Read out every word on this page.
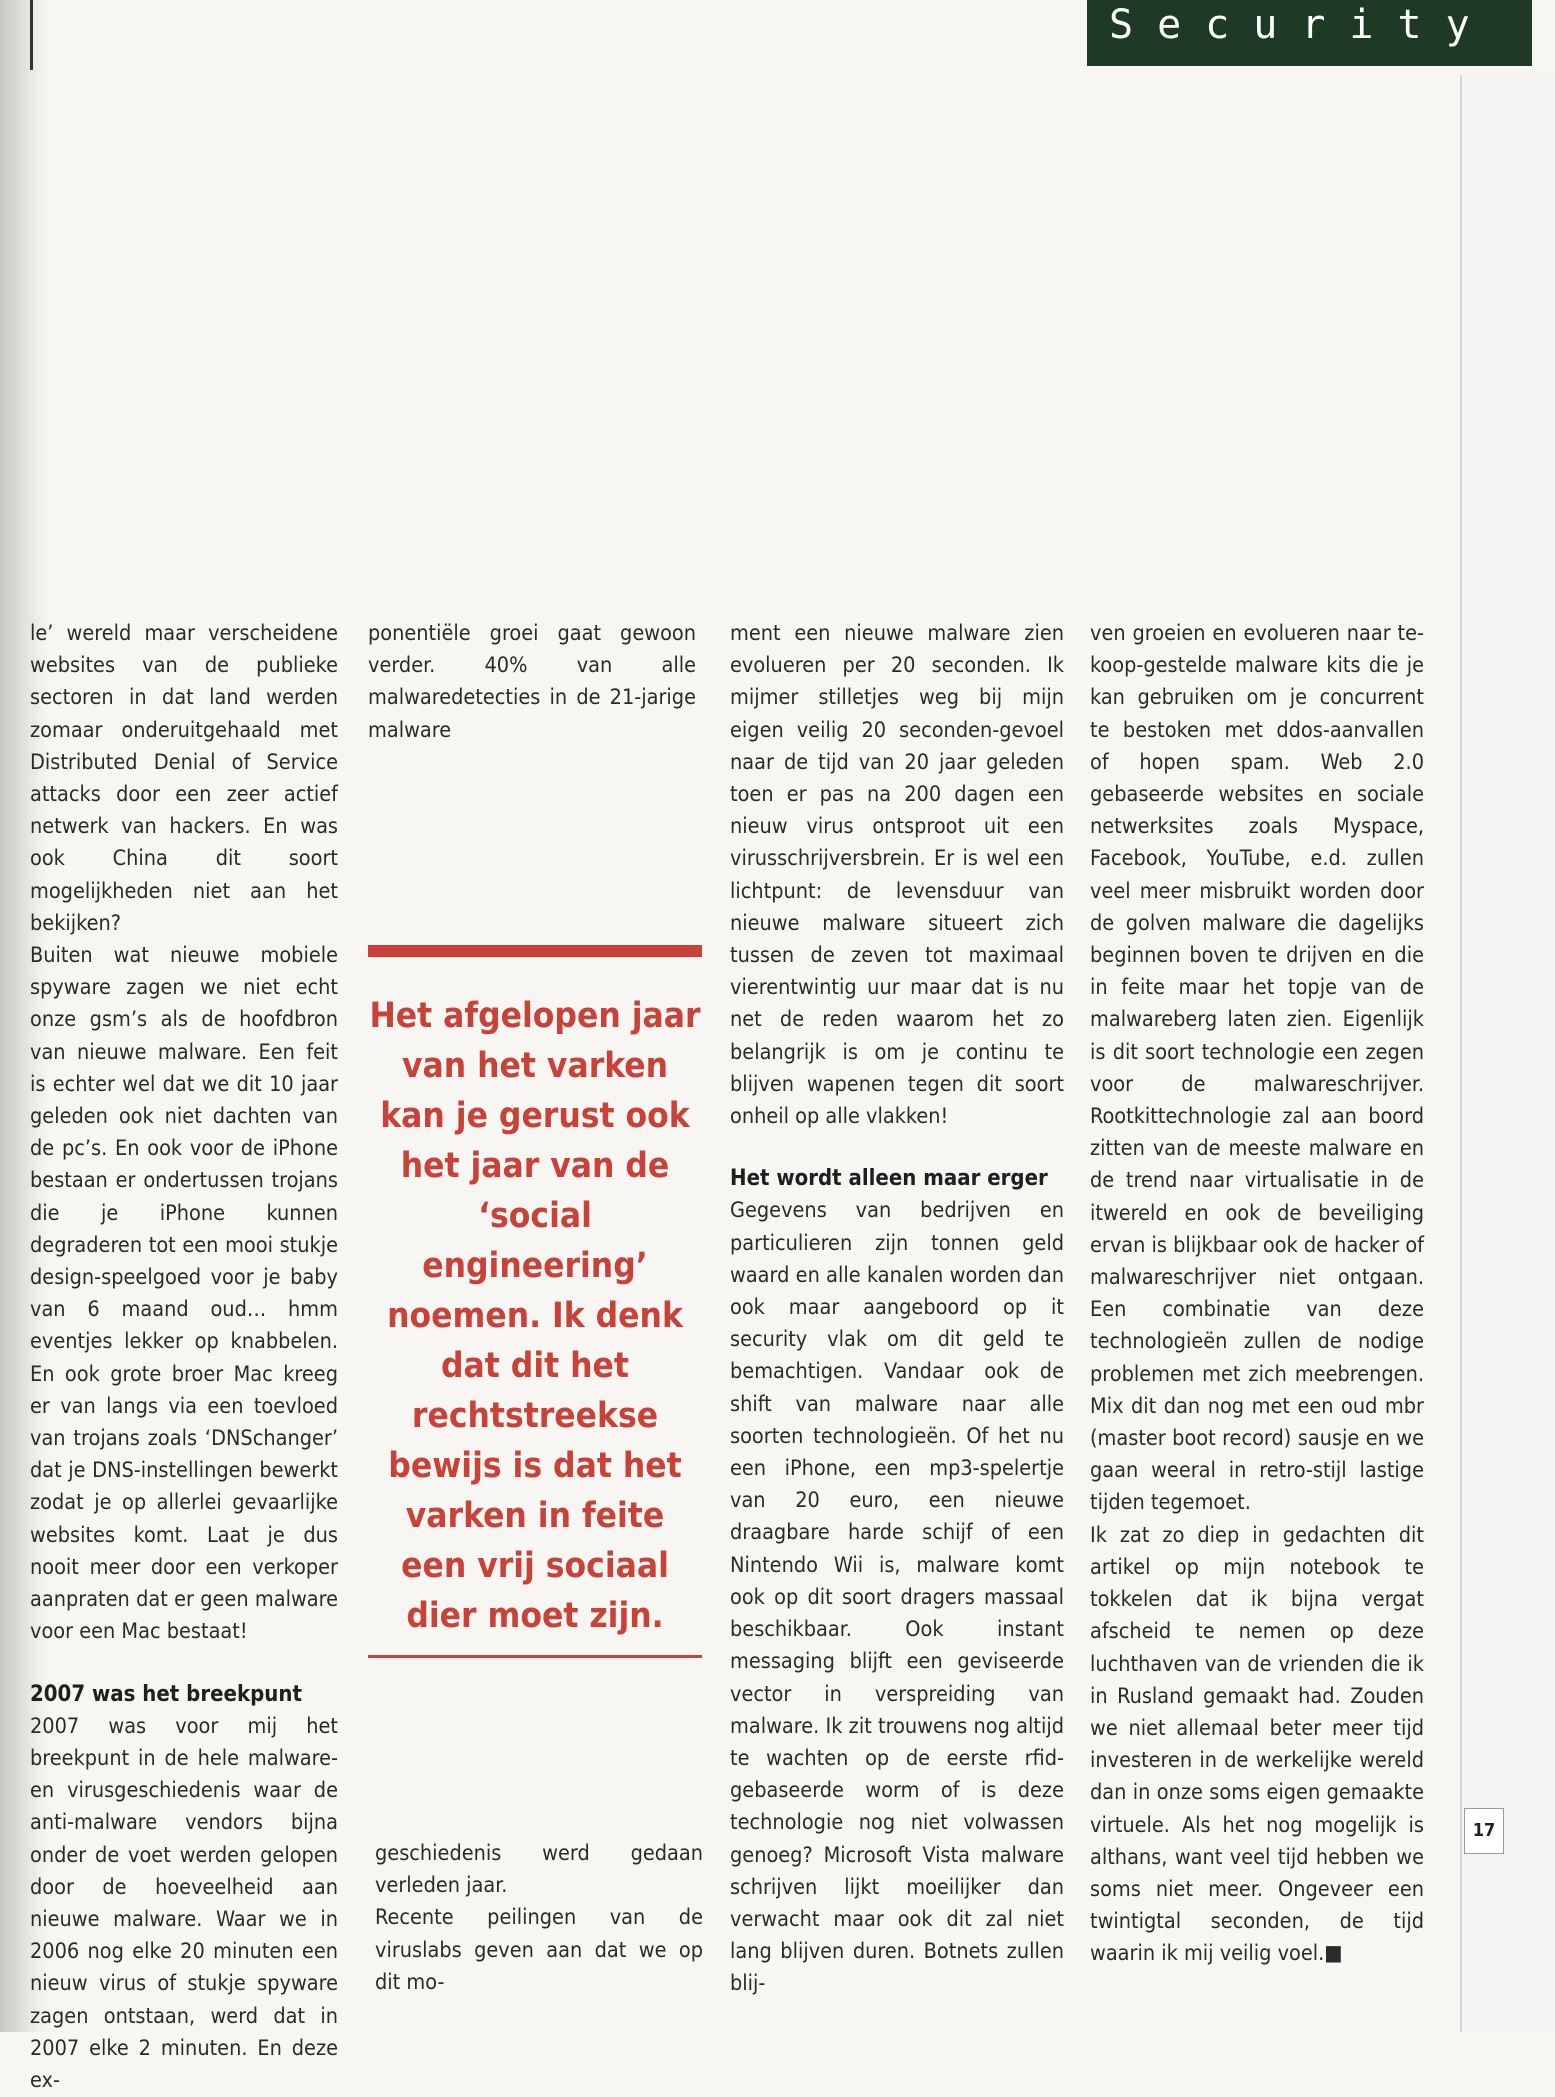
Security

le’ wereld maar verscheidene websites van de publieke sectoren in dat land werden zomaar onderuitgehaald met Distributed Denial of Service attacks door een zeer actief netwerk van hackers. En was ook China dit soort mogelijkheden niet aan het bekijken?

Buiten wat nieuwe mobiele spyware zagen we niet echt onze gsm’s als de hoofdbron van nieuwe malware. Een feit is echter wel dat we dit 10 jaar geleden ook niet dachten van de pc’s. En ook voor de iPhone bestaan er ondertussen trojans die je iPhone kunnen degraderen tot een mooi stukje design-speelgoed voor je baby van 6 maand oud… hmm eventjes lekker op knabbelen. En ook grote broer Mac kreeg er van langs via een toevloed van trojans zoals ‘DNSchanger’ dat je DNS-instellingen bewerkt zodat je op allerlei gevaarlijke websites komt. Laat je dus nooit meer door een verkoper aanpraten dat er geen malware voor een Mac bestaat!

2007 was het breekpunt

2007 was voor mij het breekpunt in de hele malware- en virusgeschiedenis waar de anti-malware vendors bijna onder de voet werden gelopen door de hoeveelheid aan nieuwe malware. Waar we in 2006 nog elke 20 minuten een nieuw virus of stukje spyware zagen ontstaan, werd dat in 2007 elke 2 minuten. En deze ex-

ponentiële groei gaat gewoon verder. 40% van alle malwaredetecties in de 21-jarige malware

Het afgelopen jaar van het varken kan je gerust ook het jaar van de ‘social engineering’ noemen. Ik denk dat dit het rechtstreekse bewijs is dat het varken in feite een vrij sociaal dier moet zijn.

geschiedenis werd gedaan verleden jaar.

Recente peilingen van de viruslabs geven aan dat we op dit mo-

ment een nieuwe malware zien evolueren per 20 seconden. Ik mijmer stilletjes weg bij mijn eigen veilig 20 seconden-gevoel naar de tijd van 20 jaar geleden toen er pas na 200 dagen een nieuw virus ontsproot uit een virusschrijversbrein. Er is wel een lichtpunt: de levensduur van nieuwe malware situeert zich tussen de zeven tot maximaal vierentwintig uur maar dat is nu net de reden waarom het zo belangrijk is om je continu te blijven wapenen tegen dit soort onheil op alle vlakken!

Het wordt alleen maar erger

Gegevens van bedrijven en particulieren zijn tonnen geld waard en alle kanalen worden dan ook maar aangeboord op it security vlak om dit geld te bemachtigen. Vandaar ook de shift van malware naar alle soorten technologieën. Of het nu een iPhone, een mp3-spelertje van 20 euro, een nieuwe draagbare harde schijf of een Nintendo Wii is, malware komt ook op dit soort dragers massaal beschikbaar. Ook instant messaging blijft een geviseerde vector in verspreiding van malware. Ik zit trouwens nog altijd te wachten op de eerste rfid-gebaseerde worm of is deze technologie nog niet volwassen genoeg? Microsoft Vista malware schrijven lijkt moeilijker dan verwacht maar ook dit zal niet lang blijven duren. Botnets zullen blij-

ven groeien en evolueren naar te-koop-gestelde malware kits die je kan gebruiken om je concurrent te bestoken met ddos-aanvallen of hopen spam. Web 2.0 gebaseerde websites en sociale netwerksites zoals Myspace, Facebook, YouTube, e.d. zullen veel meer misbruikt worden door de golven malware die dagelijks beginnen boven te drijven en die in feite maar het topje van de malwareberg laten zien. Eigenlijk is dit soort technologie een zegen voor de malwareschrijver. Rootkittechnologie zal aan boord zitten van de meeste malware en de trend naar virtualisatie in de itwereld en ook de beveiliging ervan is blijkbaar ook de hacker of malwareschrijver niet ontgaan. Een combinatie van deze technologieën zullen de nodige problemen met zich meebrengen. Mix dit dan nog met een oud mbr (master boot record) sausje en we gaan weeral in retro-stijl lastige tijden tegemoet.

Ik zat zo diep in gedachten dit artikel op mijn notebook te tokkelen dat ik bijna vergat afscheid te nemen op deze luchthaven van de vrienden die ik in Rusland gemaakt had. Zouden we niet allemaal beter meer tijd investeren in de werkelijke wereld dan in onze soms eigen gemaakte virtuele. Als het nog mogelijk is althans, want veel tijd hebben we soms niet meer. Ongeveer een twintigtal seconden, de tijd waarin ik mij veilig voel.■

17
